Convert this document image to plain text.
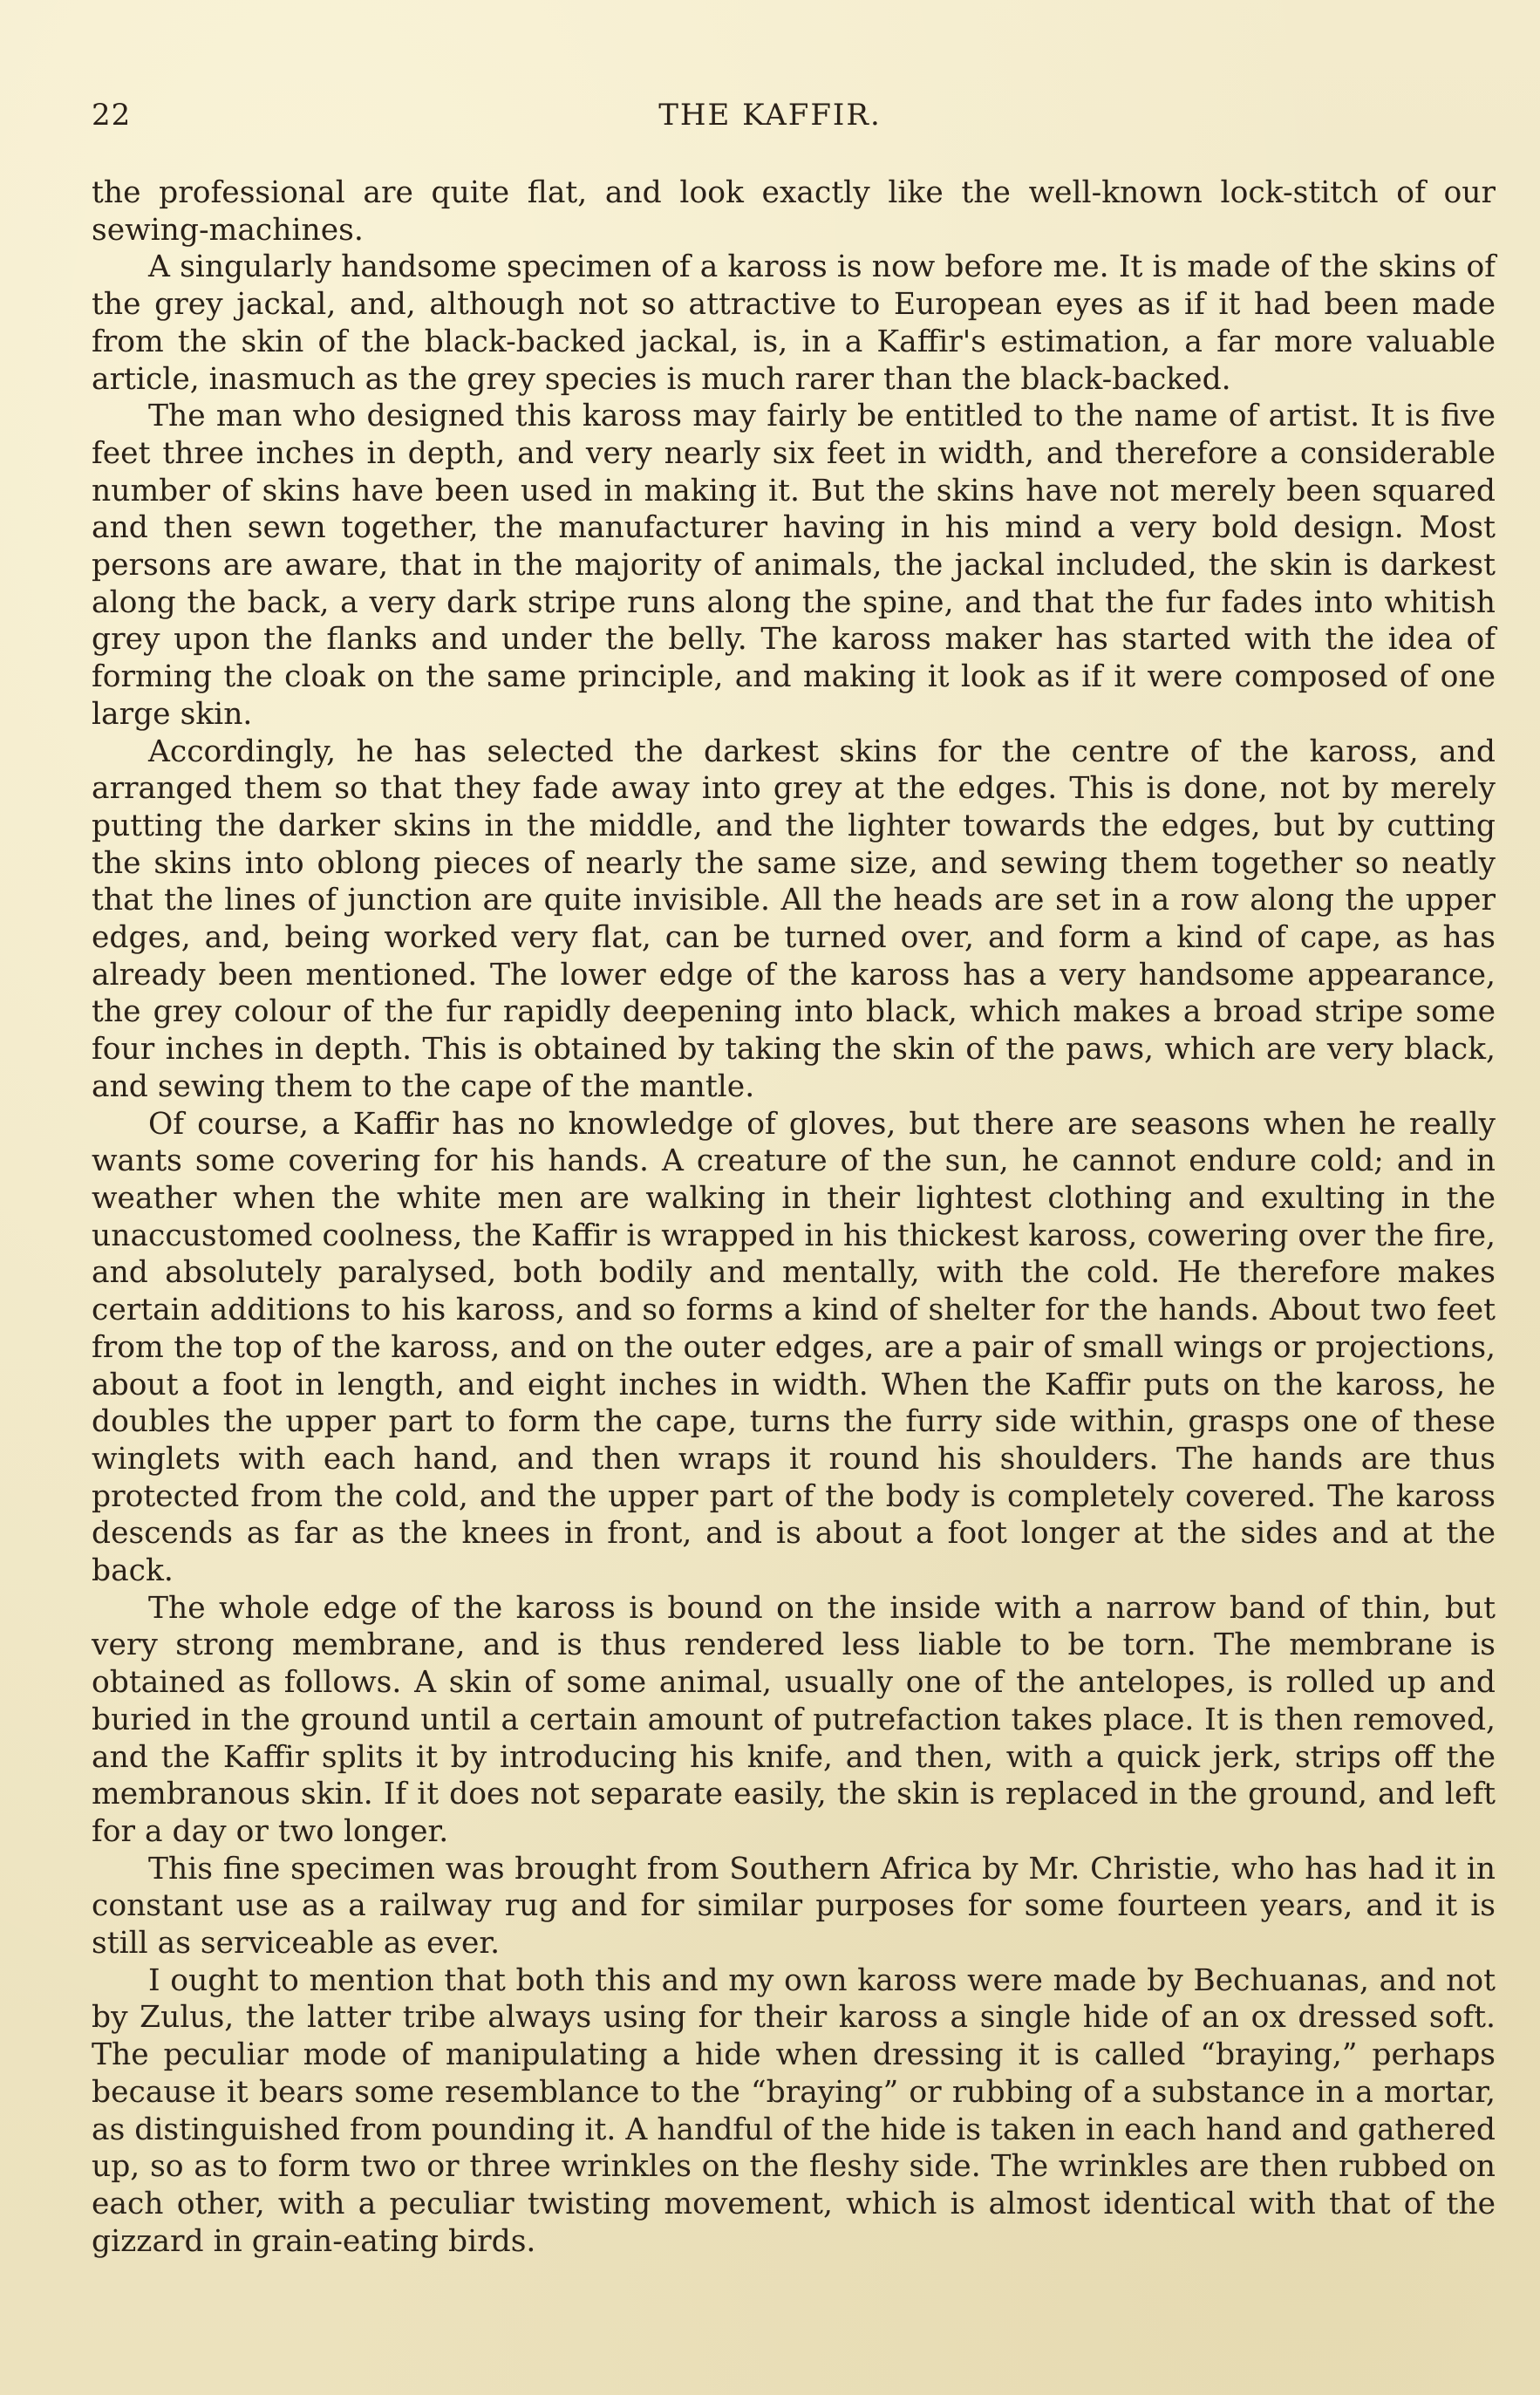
22	THE KAFFIR.

the professional are quite flat, and look exactly like the well-known lock-stitch of our sewing-machines.

A singularly handsome specimen of a kaross is now before me. It is made of the skins of the grey jackal, and, although not so attractive to European eyes as if it had been made from the skin of the black-backed jackal, is, in a Kaffir's estimation, a far more valuable article, inasmuch as the grey species is much rarer than the black-backed.

The man who designed this kaross may fairly be entitled to the name of artist. It is five feet three inches in depth, and very nearly six feet in width, and therefore a considerable number of skins have been used in making it. But the skins have not merely been squared and then sewn together, the manufacturer having in his mind a very bold design. Most persons are aware, that in the majority of animals, the jackal included, the skin is darkest along the back, a very dark stripe runs along the spine, and that the fur fades into whitish grey upon the flanks and under the belly. The kaross maker has started with the idea of forming the cloak on the same principle, and making it look as if it were composed of one large skin.

Accordingly, he has selected the darkest skins for the centre of the kaross, and arranged them so that they fade away into grey at the edges. This is done, not by merely putting the darker skins in the middle, and the lighter towards the edges, but by cutting the skins into oblong pieces of nearly the same size, and sewing them together so neatly that the lines of junction are quite invisible. All the heads are set in a row along the upper edges, and, being worked very flat, can be turned over, and form a kind of cape, as has already been mentioned. The lower edge of the kaross has a very handsome appearance, the grey colour of the fur rapidly deepening into black, which makes a broad stripe some four inches in depth. This is obtained by taking the skin of the paws, which are very black, and sewing them to the cape of the mantle.

Of course, a Kaffir has no knowledge of gloves, but there are seasons when he really wants some covering for his hands. A creature of the sun, he cannot endure cold; and in weather when the white men are walking in their lightest clothing and exulting in the unaccustomed coolness, the Kaffir is wrapped in his thickest kaross, cowering over the fire, and absolutely paralysed, both bodily and mentally, with the cold. He therefore makes certain additions to his kaross, and so forms a kind of shelter for the hands. About two feet from the top of the kaross, and on the outer edges, are a pair of small wings or projections, about a foot in length, and eight inches in width. When the Kaffir puts on the kaross, he doubles the upper part to form the cape, turns the furry side within, grasps one of these winglets with each hand, and then wraps it round his shoulders. The hands are thus protected from the cold, and the upper part of the body is completely covered. The kaross descends as far as the knees in front, and is about a foot longer at the sides and at the back.

The whole edge of the kaross is bound on the inside with a narrow band of thin, but very strong membrane, and is thus rendered less liable to be torn. The membrane is obtained as follows. A skin of some animal, usually one of the antelopes, is rolled up and buried in the ground until a certain amount of putrefaction takes place. It is then removed, and the Kaffir splits it by introducing his knife, and then, with a quick jerk, strips off the membranous skin. If it does not separate easily, the skin is replaced in the ground, and left for a day or two longer.

This fine specimen was brought from Southern Africa by Mr. Christie, who has had it in constant use as a railway rug and for similar purposes for some fourteen years, and it is still as serviceable as ever.

I ought to mention that both this and my own kaross were made by Bechuanas, and not by Zulus, the latter tribe always using for their kaross a single hide of an ox dressed soft. The peculiar mode of manipulating a hide when dressing it is called “braying,” perhaps because it bears some resemblance to the “braying” or rubbing of a substance in a mortar, as distinguished from pounding it. A handful of the hide is taken in each hand and gathered up, so as to form two or three wrinkles on the fleshy side. The wrinkles are then rubbed on each other, with a peculiar twisting movement, which is almost identical with that of the gizzard in grain-eating birds.
